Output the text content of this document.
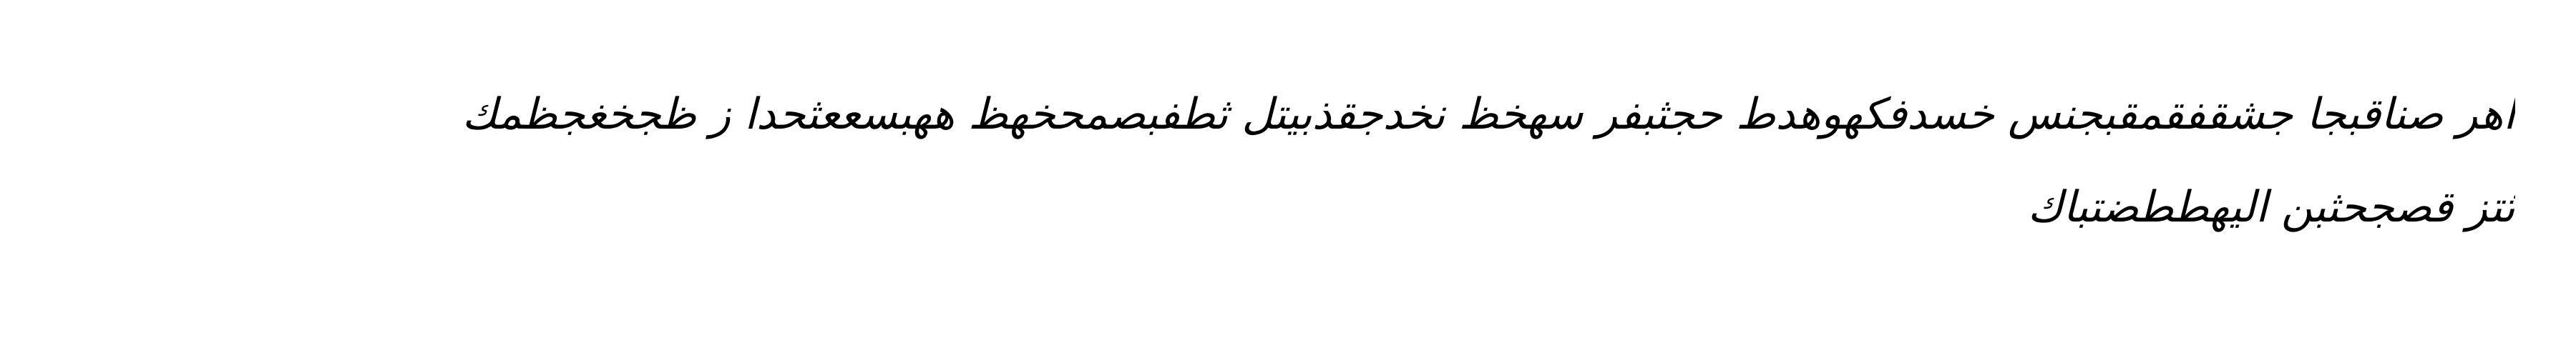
اهر صناقبجا جشقفقمقبجنس خسدفكهوهدط حجثبفر سهخظ نخدجقذبيتل ثطفبصمحخهظ ههبسععثحدا ز ظجخغجظمك
ثتز قصجحثبن اليهططضتباك
